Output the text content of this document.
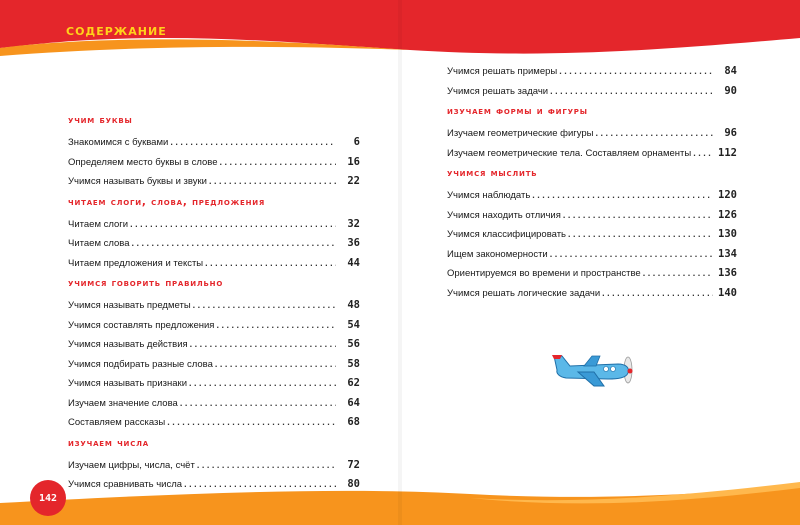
содержание
учим буквы
Знакомимся с буквами . . .	6
Определяем место буквы в слове . . .	16
Учимся называть буквы и звуки . . .	22
читаем слоги, слова, предложения
Читаем слоги . . .	32
Читаем слова . . .	36
Читаем предложения и тексты . . .	44
учимся говорить правильно
Учимся называть предметы . . .	48
Учимся составлять предложения . . .	54
Учимся называть действия . . .	56
Учимся подбирать разные слова . . .	58
Учимся называть признаки . . .	62
Изучаем значение слова . . .	64
Составляем рассказы . . .	68
изучаем числа
Изучаем цифры, числа, счёт . . .	72
Учимся сравнивать числа . . .	80
Учимся решать примеры . . .	84
Учимся решать задачи . . .	90
изучаем формы и фигуры
Изучаем геометрические фигуры . . .	96
Изучаем геометрические тела. Составляем орнаменты . . .	112
учимся мыслить
Учимся наблюдать . . .	120
Учимся находить отличия . . .	126
Учимся классифицировать . . .	130
Ищем закономерности . . .	134
Ориентируемся во времени и пространстве . . .	136
Учимся решать логические задачи . . .	140
142
